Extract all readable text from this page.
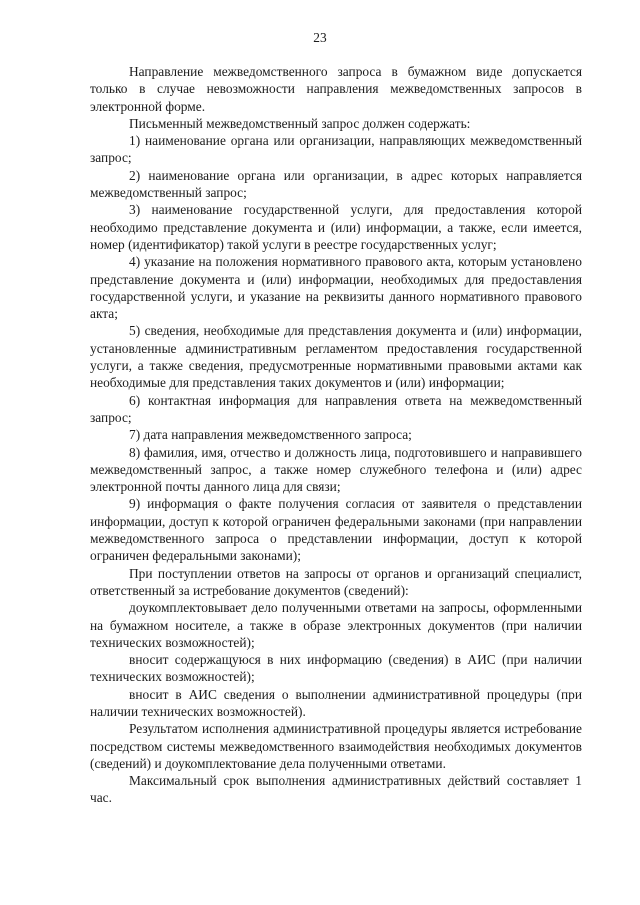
23

Направление межведомственного запроса в бумажном виде допускается только в случае невозможности направления межведомственных запросов в электронной форме.

Письменный межведомственный запрос должен содержать:

1) наименование органа или организации, направляющих межведомственный запрос;

2) наименование органа или организации, в адрес которых направляется межведомственный запрос;

3) наименование государственной услуги, для предоставления которой необходимо представление документа и (или) информации, а также, если имеется, номер (идентификатор) такой услуги в реестре государственных услуг;

4) указание на положения нормативного правового акта, которым установлено представление документа и (или) информации, необходимых для предоставления государственной услуги, и указание на реквизиты данного нормативного правового акта;

5) сведения, необходимые для представления документа и (или) информации, установленные административным регламентом предоставления государственной услуги, а также сведения, предусмотренные нормативными правовыми актами как необходимые для представления таких документов и (или) информации;

6) контактная информация для направления ответа на межведомственный запрос;

7) дата направления межведомственного запроса;

8) фамилия, имя, отчество и должность лица, подготовившего и направившего межведомственный запрос, а также номер служебного телефона и (или) адрес электронной почты данного лица для связи;

9) информация о факте получения согласия от заявителя о представлении информации, доступ к которой ограничен федеральными законами (при направлении межведомственного запроса о представлении информации, доступ к которой ограничен федеральными законами);

При поступлении ответов на запросы от органов и организаций специалист, ответственный за истребование документов (сведений):

доукомплектовывает дело полученными ответами на запросы, оформленными на бумажном носителе, а также в образе электронных документов (при наличии технических возможностей);

вносит содержащуюся в них информацию (сведения) в АИС (при наличии технических возможностей);

вносит в АИС сведения о выполнении административной процедуры (при наличии технических возможностей).

Результатом исполнения административной процедуры является истребование посредством системы межведомственного взаимодействия необходимых документов (сведений) и доукомплектование дела полученными ответами.

Максимальный срок выполнения административных действий составляет 1 час.
